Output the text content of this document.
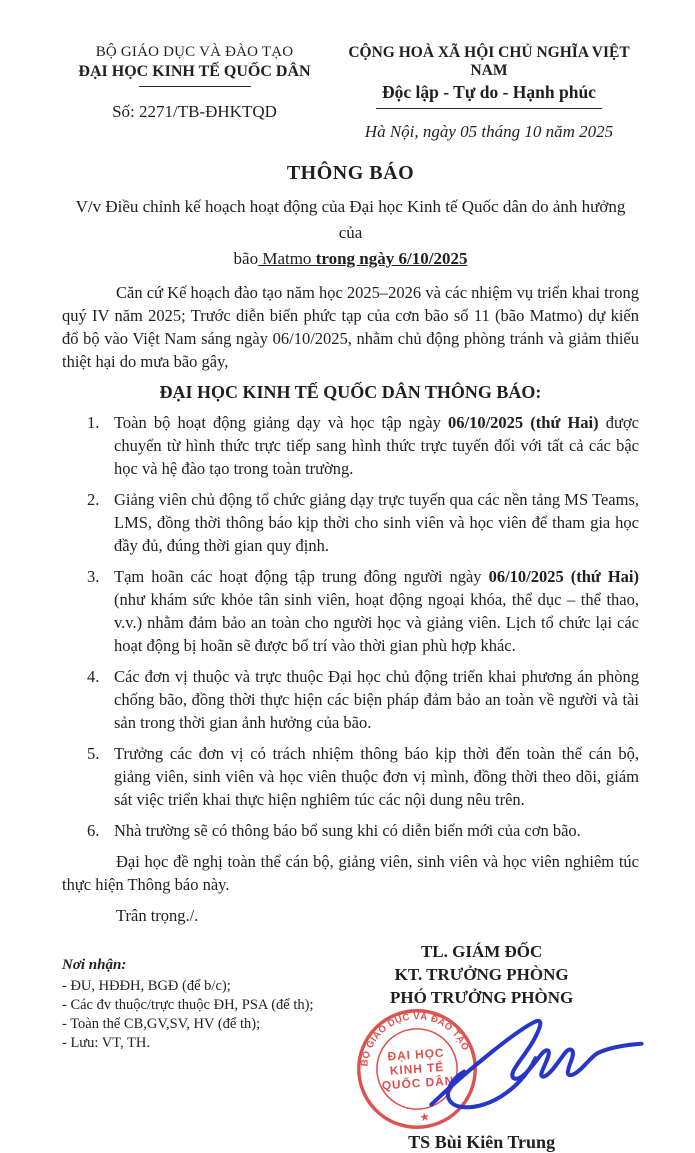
BỘ GIÁO DỤC VÀ ĐÀO TẠO
ĐẠI HỌC KINH TẾ QUỐC DÂN
Số: 2271/TB-ĐHKTQD
CỘNG HOÀ XÃ HỘI CHỦ NGHĨA VIỆT NAM
Độc lập - Tự do - Hạnh phúc
Hà Nội, ngày 05 tháng 10 năm 2025
THÔNG BÁO
V/v Điều chỉnh kế hoạch hoạt động của Đại học Kinh tế Quốc dân do ảnh hưởng của
bão Matmo trong ngày 6/10/2025

Căn cứ Kế hoạch đào tạo năm học 2025–2026 và các nhiệm vụ triển khai trong quý IV năm 2025; Trước diễn biến phức tạp của cơn bão số 11 (bão Matmo) dự kiến đổ bộ vào Việt Nam sáng ngày 06/10/2025, nhằm chủ động phòng tránh và giảm thiểu thiệt hại do mưa bão gây,

ĐẠI HỌC KINH TẾ QUỐC DÂN THÔNG BÁO:
1. Toàn bộ hoạt động giảng dạy và học tập ngày 06/10/2025 (thứ Hai) được chuyển từ hình thức trực tiếp sang hình thức trực tuyến đối với tất cả các bậc học và hệ đào tạo trong toàn trường.
2. Giảng viên chủ động tổ chức giảng dạy trực tuyến qua các nền tảng MS Teams, LMS, đồng thời thông báo kịp thời cho sinh viên và học viên để tham gia học đầy đủ, đúng thời gian quy định.
3. Tạm hoãn các hoạt động tập trung đông người ngày 06/10/2025 (thứ Hai) (như khám sức khỏe tân sinh viên, hoạt động ngoại khóa, thể dục – thể thao, v.v.) nhằm đảm bảo an toàn cho người học và giảng viên. Lịch tổ chức lại các hoạt động bị hoãn sẽ được bố trí vào thời gian phù hợp khác.
4. Các đơn vị thuộc và trực thuộc Đại học chủ động triển khai phương án phòng chống bão, đồng thời thực hiện các biện pháp đảm bảo an toàn về người và tài sản trong thời gian ảnh hưởng của bão.
5. Trưởng các đơn vị có trách nhiệm thông báo kịp thời đến toàn thể cán bộ, giảng viên, sinh viên và học viên thuộc đơn vị mình, đồng thời theo dõi, giám sát việc triển khai thực hiện nghiêm túc các nội dung nêu trên.
6. Nhà trường sẽ có thông báo bổ sung khi có diễn biến mới của cơn bão.

Đại học đề nghị toàn thể cán bộ, giảng viên, sinh viên và học viên nghiêm túc thực hiện Thông báo này.

Trân trọng./.

Nơi nhận:
- ĐU, HĐĐH, BGĐ (để b/c);
- Các đv thuộc/trực thuộc ĐH, PSA (để th);
- Toàn thể CB,GV,SV, HV (để th);
- Lưu: VT, TH.
TL. GIÁM ĐỐC
KT. TRƯỞNG PHÒNG
PHÓ TRƯỞNG PHÒNG
BỘ GIÁO DỤC VÀ ĐÀO TẠO
★
ĐẠI HỌC
KINH TẾ
QUỐC DÂN
TS Bùi Kiên Trung
